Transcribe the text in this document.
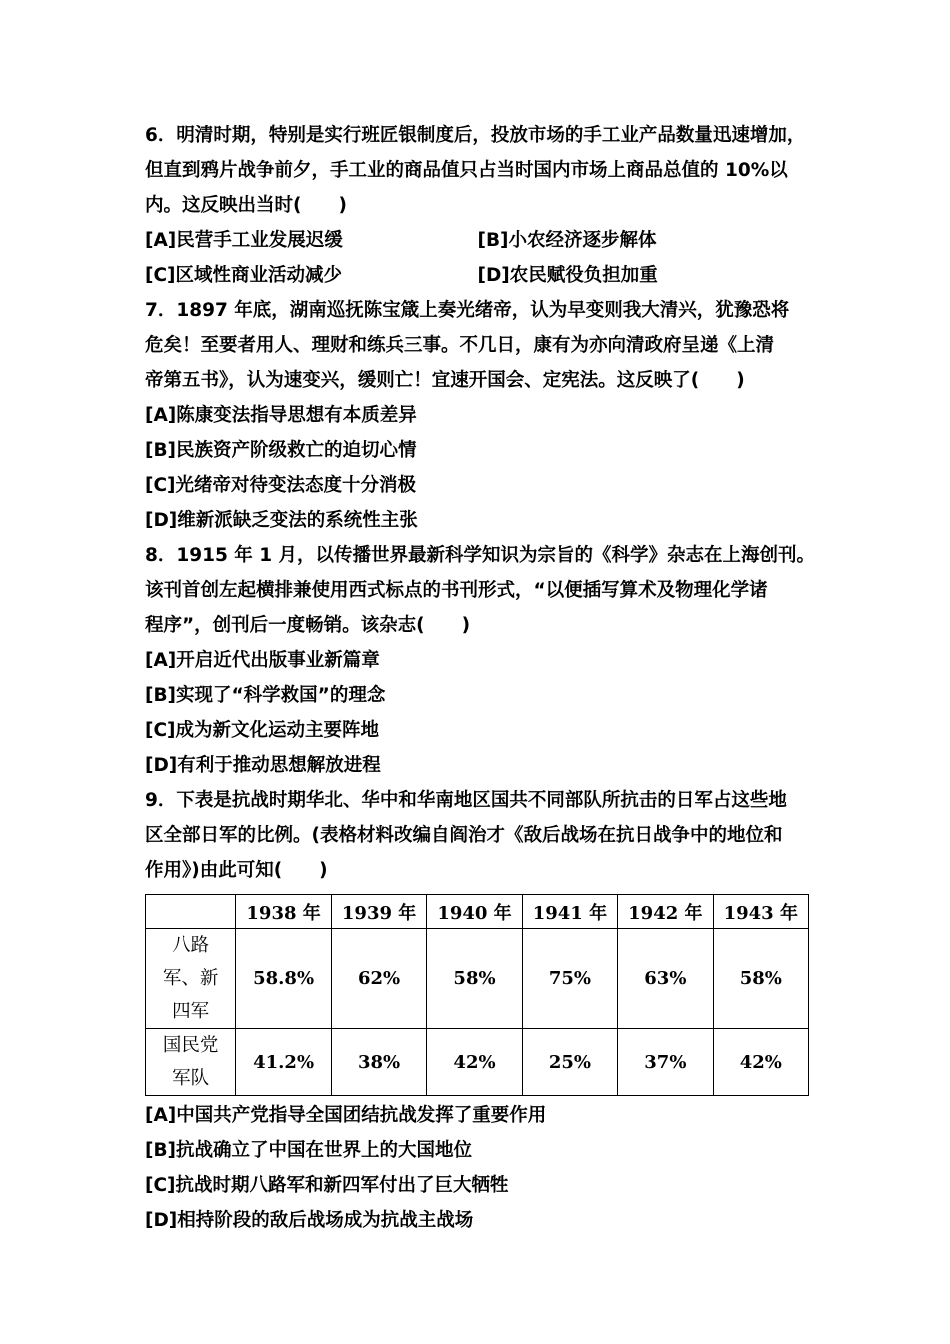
6．明清时期，特别是实行班匠银制度后，投放市场的手工业产品数量迅速增加，
但直到鸦片战争前夕，手工业的商品值只占当时国内市场上商品总值的 10%以
内。这反映出当时(　　)
[A]民营手工业发展迟缓	[B]小农经济逐步解体
[C]区域性商业活动减少	[D]农民赋役负担加重
7．1897 年底，湖南巡抚陈宝箴上奏光绪帝，认为早变则我大清兴，犹豫恐将
危矣！至要者用人、理财和练兵三事。不几日，康有为亦向清政府呈递《上清
帝第五书》，认为速变兴，缓则亡！宜速开国会、定宪法。这反映了(　　)
[A]陈康变法指导思想有本质差异
[B]民族资产阶级救亡的迫切心情
[C]光绪帝对待变法态度十分消极
[D]维新派缺乏变法的系统性主张
8．1915 年 1 月，以传播世界最新科学知识为宗旨的《科学》杂志在上海创刊。
该刊首创左起横排兼使用西式标点的书刊形式，“以便插写算术及物理化学诸
程序”，创刊后一度畅销。该杂志(　　)
[A]开启近代出版事业新篇章
[B]实现了“科学救国”的理念
[C]成为新文化运动主要阵地
[D]有利于推动思想解放进程
9．下表是抗战时期华北、华中和华南地区国共不同部队所抗击的日军占这些地
区全部日军的比例。(表格材料改编自阎治才《敌后战场在抗日战争中的地位和
作用》)由此可知(　　)
	1938 年	1939 年	1940 年	1941 年	1942 年	1943 年

八路
军、新
四军	58.8%	62%	58%	75%	63%	58%

国民党
军队	41.2%	38%	42%	25%	37%	42%
[A]中国共产党指导全国团结抗战发挥了重要作用
[B]抗战确立了中国在世界上的大国地位
[C]抗战时期八路军和新四军付出了巨大牺牲
[D]相持阶段的敌后战场成为抗战主战场
